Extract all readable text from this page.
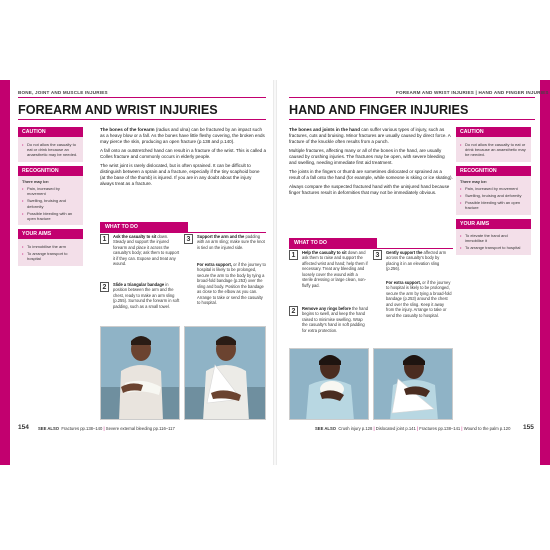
BONE, JOINT AND MUSCLE INJURIES
FOREARM AND WRIST INJURIES
CAUTION
• Do not allow the casualty to eat or drink because an anaesthetic may be needed.
RECOGNITION
There may be:
• Pain, increased by movement
• Swelling, bruising and deformity
• Possible bleeding with an open fracture
YOUR AIMS
• To immobilise the arm
• To arrange transport to hospital

The bones of the forearm (radius and ulna) can be fractured by an impact such as a heavy blow or a fall. As the bones have little fleshy covering, the broken ends may pierce the skin, producing an open fracture (p.138 and p.140).

A fall onto an outstretched hand can result in a fracture of the wrist. This is called a Colles fracture and commonly occurs in elderly people.

The wrist joint is rarely dislocated, but is often sprained. It can be difficult to distinguish between a sprain and a fracture, especially if the tiny scaphoid bone (at the base of the thumb) is injured. If you are in any doubt about the injury always treat as a fracture.

WHAT TO DO
1	Ask the casualty to sit down. Steady and support the injured forearm and place it across the casualty's body; ask them to support it if they can. Expose and treat any wound.
2	Slide a triangular bandage in position between the arm and the chest, ready to make an arm sling (p.255). Surround the forearm in soft padding, such as a small towel.
3	Support the arm and the padding with an arm sling; make sure the knot is tied on the injured side.
For extra support, or if the journey to hospital is likely to be prolonged, secure the arm to the body by tying a broad-fold bandage (p.253) over the sling and body. Position the bandage as close to the elbow as you can. Arrange to take or send the casualty to hospital.
SEE ALSO Fractures pp.138–140 | Severe external bleeding pp.116–117
154
FOREARM AND WRIST INJURIES | HAND AND FINGER INJURIES
HAND AND FINGER INJURIES

The bones and joints in the hand can suffer various types of injury, such as fractures, cuts and bruising. Minor fractures are usually caused by direct force. A fracture of the knuckle often results from a punch.

Multiple fractures, affecting many or all of the bones in the hand, are usually caused by crushing injuries. The fractures may be open, with severe bleeding and swelling, needing immediate first aid treatment.

The joints in the fingers or thumb are sometimes dislocated or sprained as a result of a fall onto the hand (for example, while someone is skiing or ice skating).

Always compare the suspected fractured hand with the uninjured hand because finger fractures result in deformities that may not be immediately obvious.

CAUTION
• Do not allow the casualty to eat or drink because an anaesthetic may be needed.
RECOGNITION
There may be:
• Pain, increased by movement
• Swelling, bruising and deformity
• Possible bleeding with an open fracture
YOUR AIMS
• To elevate the hand and immobilise it
• To arrange transport to hospital
WHAT TO DO
1	Help the casualty to sit down and ask them to raise and support the affected wrist and hand; help them if necessary. Treat any bleeding and loosely cover the wound with a sterile dressing or large clean, non-fluffy pad.
2	Remove any rings before the hand begins to swell, and keep the hand raised to minimise swelling. Wrap the casualty's hand in soft padding for extra protection.
3	Gently support the affected arm across the casualty's body by placing it in an elevation sling (p.256).
For extra support, or if the journey to hospital is likely to be prolonged, secure the arm by tying a broad-fold bandage (p.253) around the chest and over the sling. Keep it away from the injury. Arrange to take or send the casualty to hospital.
SEE ALSO Crush injury p.128 | Dislocated joint p.141 | Fractures pp.138–141 | Wound to the palm p.120 155
